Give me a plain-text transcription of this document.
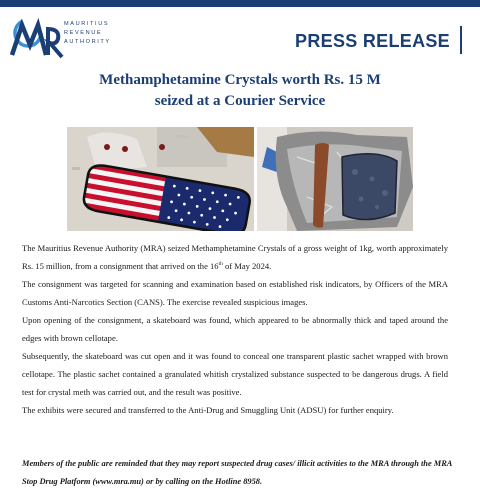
MAURITIUS
REVENUE
AUTHORITY	PRESS RELEASE
Methamphetamine Crystals worth Rs. 15 M
seized at a Courier Service

The Mauritius Revenue Authority (MRA) seized Methamphetamine Crystals of a gross weight of 1kg, worth approximately Rs. 15 million, from a consignment that arrived on the 16th of May 2024.

The consignment was targeted for scanning and examination based on established risk indicators, by Officers of the MRA Customs Anti-Narcotics Section (CANS). The exercise revealed suspicious images.

Upon opening of the consignment, a skateboard was found, which appeared to be abnormally thick and taped around the edges with brown cellotape.

Subsequently, the skateboard was cut open and it was found to conceal one transparent plastic sachet wrapped with brown cellotape. The plastic sachet contained a granulated whitish crystalized substance suspected to be dangerous drugs. A field test for crystal meth was carried out, and the result was positive.

The exhibits were secured and transferred to the Anti-Drug and Smuggling Unit (ADSU) for further enquiry.

Members of the public are reminded that they may report suspected drug cases/ illicit activities to the MRA through the MRA Stop Drug Platform (www.mra.mu) or by calling on the Hotline 8958.
